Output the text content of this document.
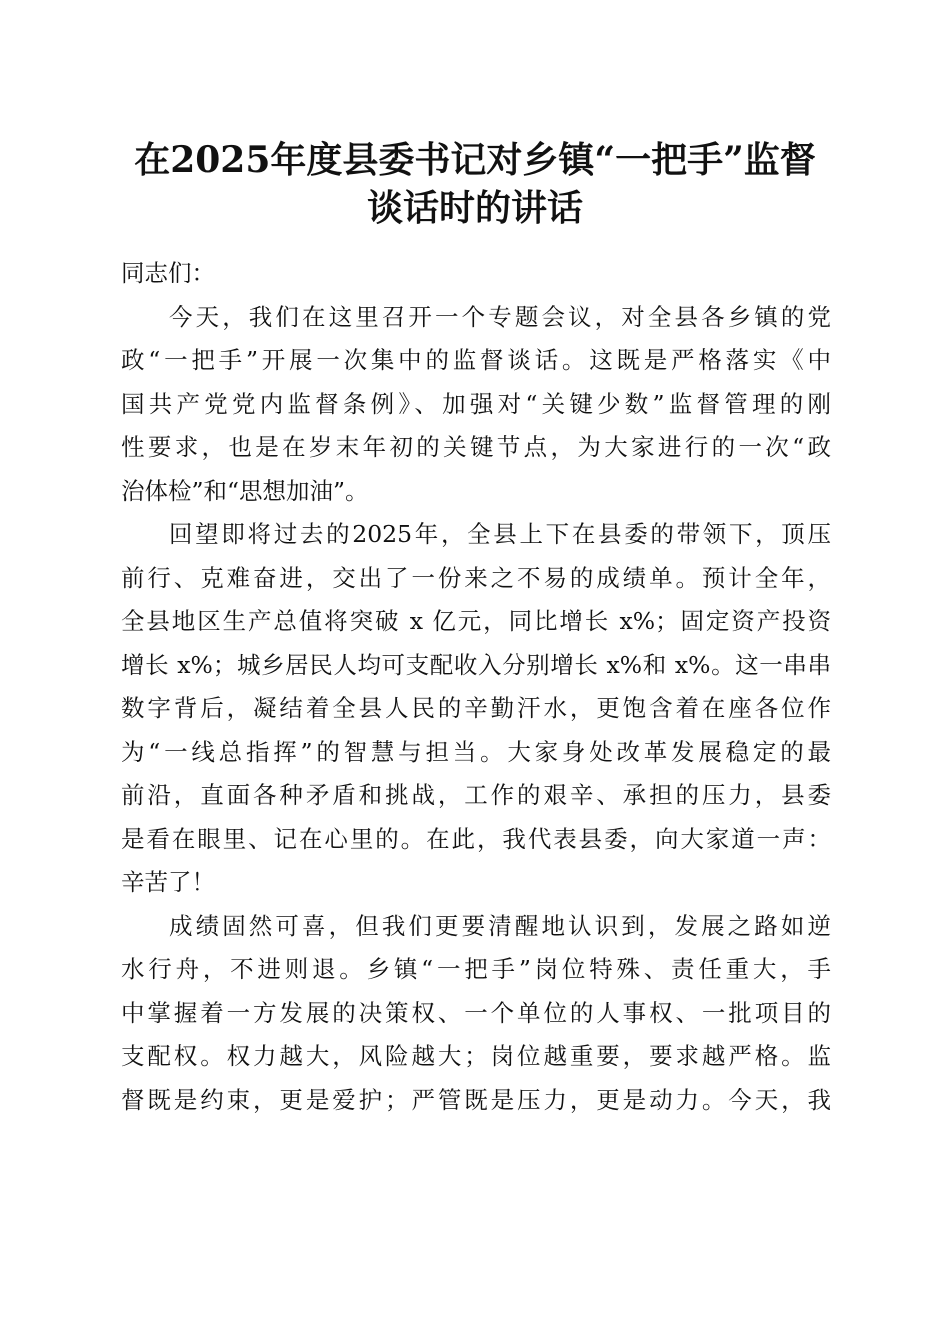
在2025年度县委书记对乡镇“一把手”监督
谈话时的讲话
同志们：
今天，我们在这里召开一个专题会议，对全县各乡镇的党
政“一把手”开展一次集中的监督谈话。这既是严格落实《中
国共产党党内监督条例》、加强对“关键少数”监督管理的刚
性要求，也是在岁末年初的关键节点，为大家进行的一次“政
治体检”和“思想加油”。
回望即将过去的2025年，全县上下在县委的带领下，顶压
前行、克难奋进，交出了一份来之不易的成绩单。预计全年，
全县地区生产总值将突破 x 亿元，同比增长 x%；固定资产投资
增长 x%；城乡居民人均可支配收入分别增长 x%和 x%。这一串串
数字背后，凝结着全县人民的辛勤汗水，更饱含着在座各位作
为“一线总指挥”的智慧与担当。大家身处改革发展稳定的最
前沿，直面各种矛盾和挑战，工作的艰辛、承担的压力，县委
是看在眼里、记在心里的。在此，我代表县委，向大家道一声：
辛苦了！
成绩固然可喜，但我们更要清醒地认识到，发展之路如逆
水行舟，不进则退。乡镇“一把手”岗位特殊、责任重大，手
中掌握着一方发展的决策权、一个单位的人事权、一批项目的
支配权。权力越大，风险越大；岗位越重要，要求越严格。监
督既是约束，更是爱护；严管既是压力，更是动力。今天，我
